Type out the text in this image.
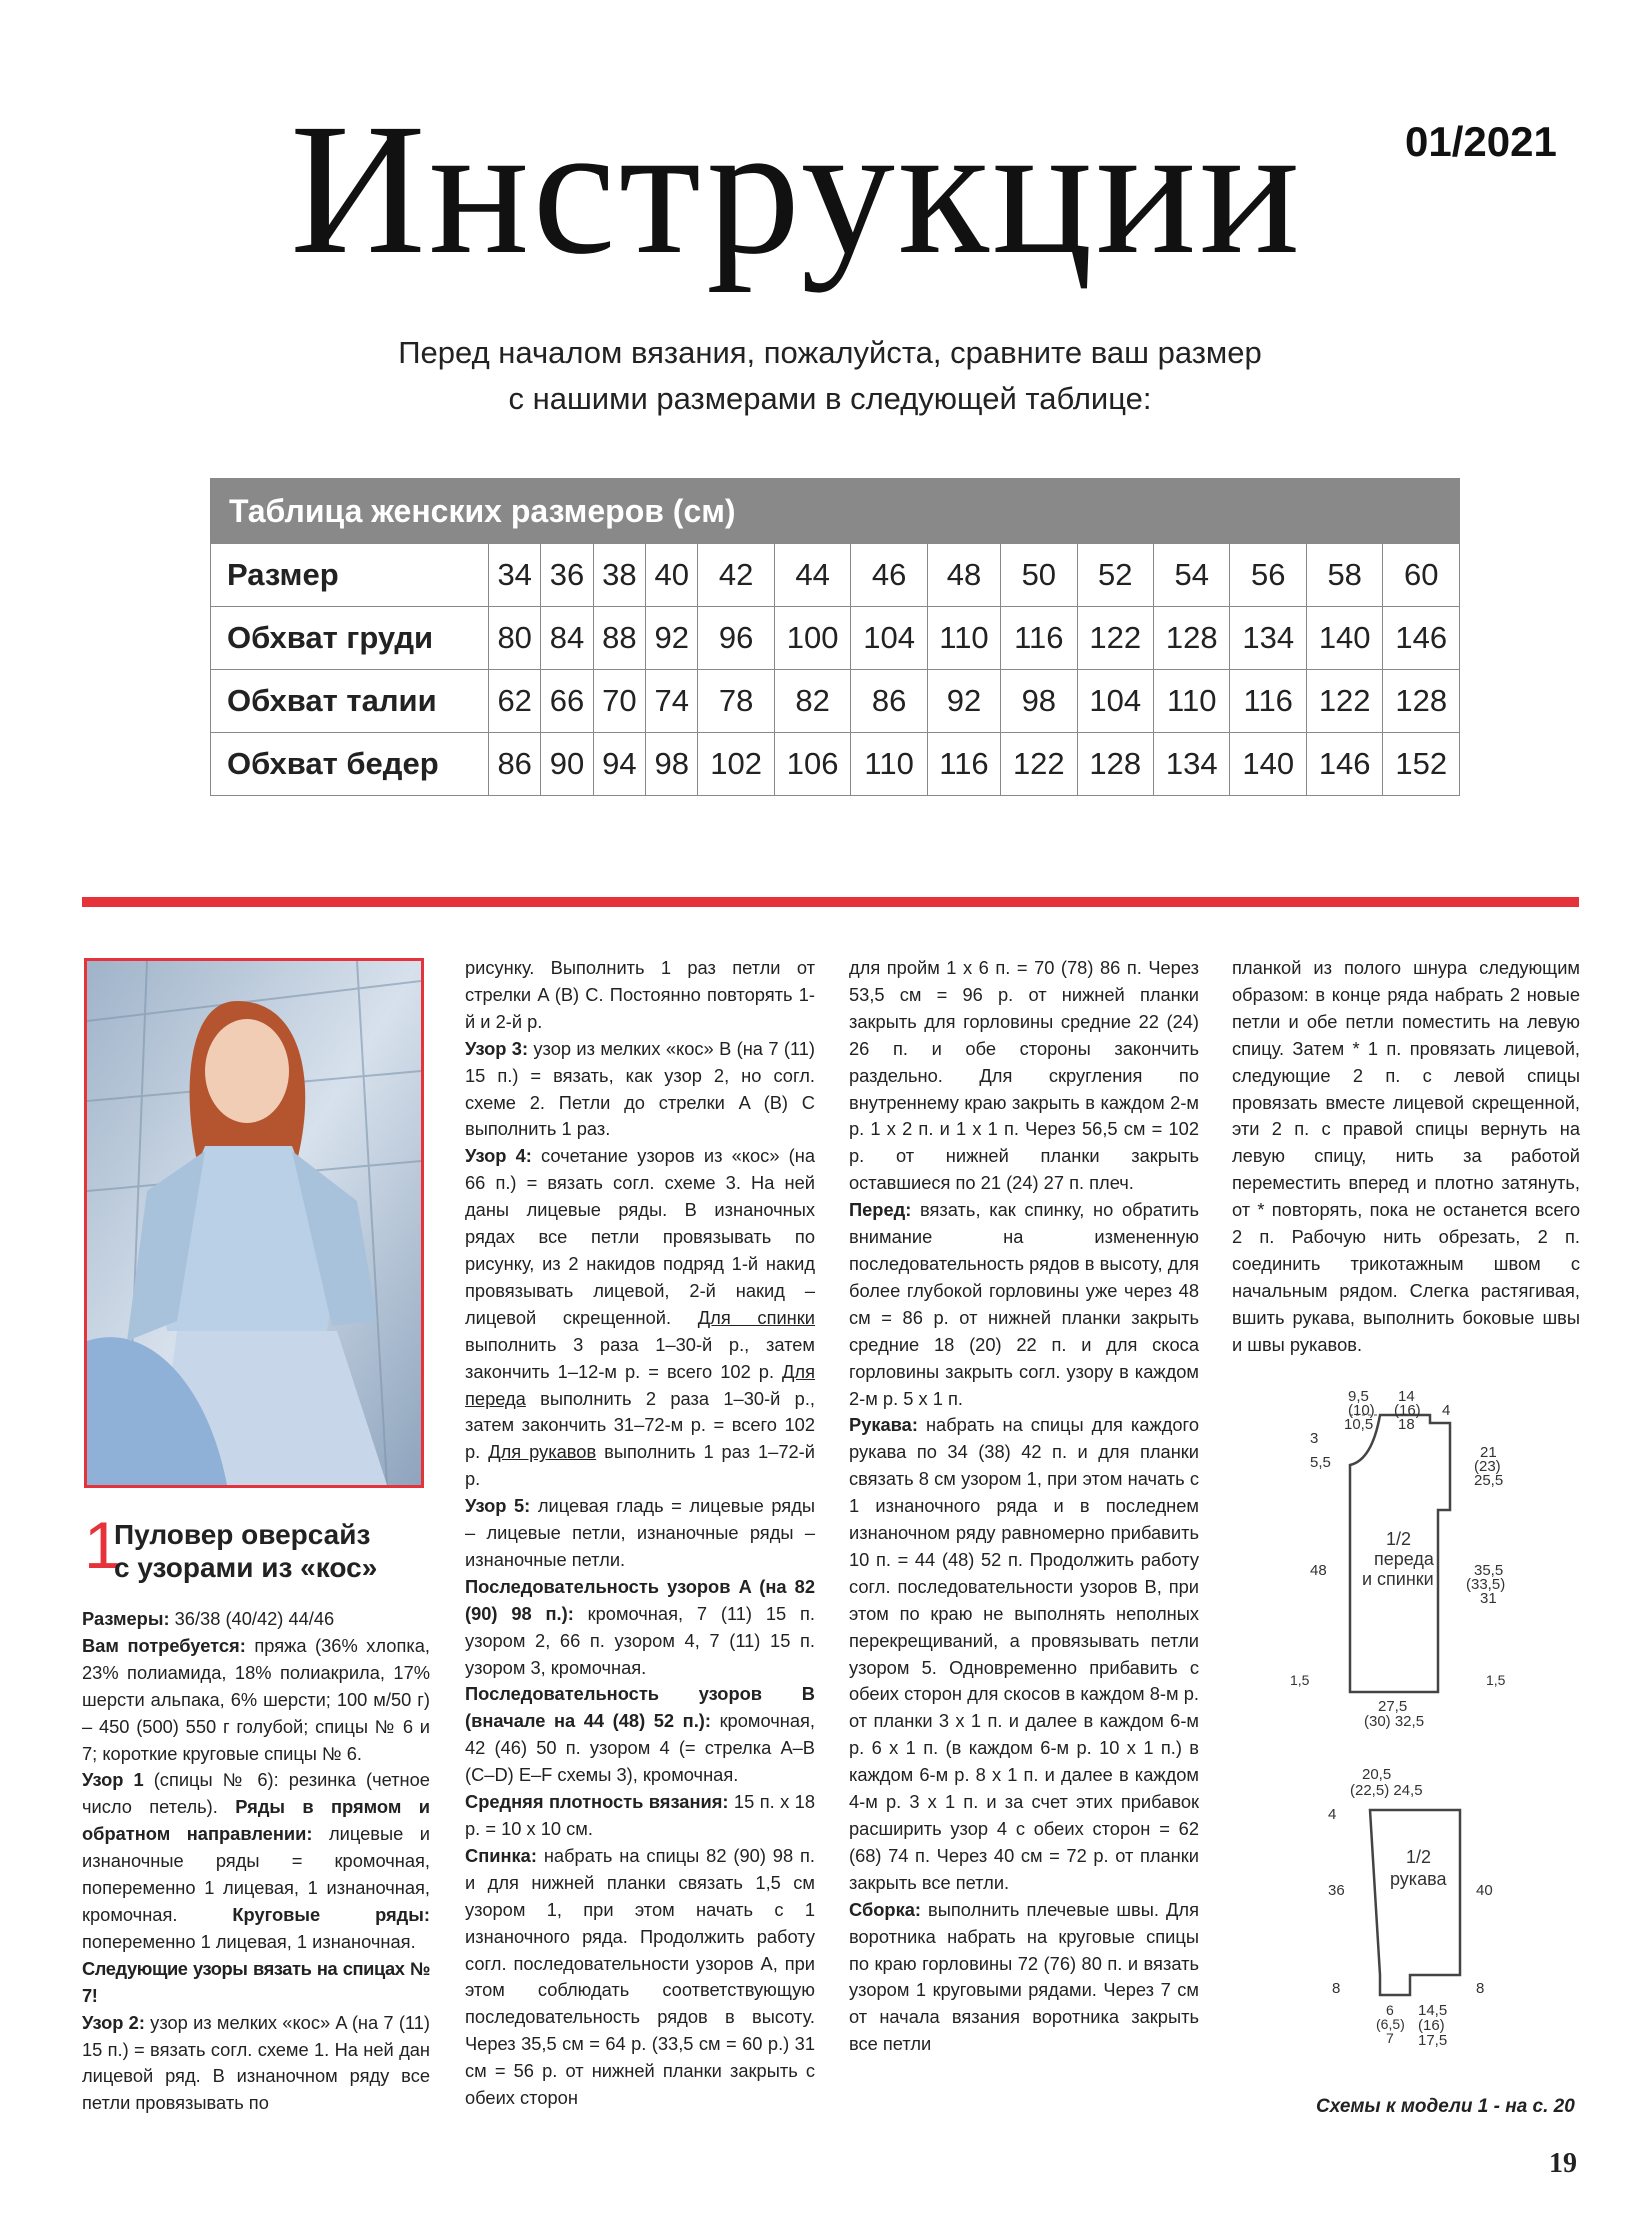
Инструкции 01/2021

Перед началом вязания, пожалуйста, сравните ваш размер

с нашими размерами в следующей таблице:

Таблица женских размеров (см)														
Размер	34	36	38	40	42	44	46	48	50	52	54	56	58	60
Обхват груди	80	84	88	92	96	100	104	110	116	122	128	134	140	146
Обхват талии	62	66	70	74	78	82	86	92	98	104	110	116	122	128
Обхват бедер	86	90	94	98	102	106	110	116	122	128	134	140	146	152
1
Пуловер оверсайз
с узорами из «кос»

Размеры: 36/38 (40/42) 44/46

Вам потребуется: пряжа (36% хлопка, 23% полиамида, 18% полиакрила, 17% шерсти альпака, 6% шерсти; 100 м/50 г) – 450 (500) 550 г голубой; спицы № 6 и 7; короткие круговые спицы № 6.

Узор 1 (спицы № 6): резинка (четное число петель). Ряды в прямом и обратном направлении: лицевые и изнаночные ряды = кромочная, попеременно 1 лицевая, 1 изнаночная, кромочная. Круговые ряды: попеременно 1 лицевая, 1 изнаночная.

Следующие узоры вязать на спицах № 7!

Узор 2: узор из мелких «кос» A (на 7 (11) 15 п.) = вязать согл. схеме 1. На ней дан лицевой ряд. В изнаночном ряду все петли провязывать по

рисунку. Выполнить 1 раз петли от стрелки A (B) C. Постоянно повторять 1-й и 2-й р.

Узор 3: узор из мелких «кос» B (на 7 (11) 15 п.) = вязать, как узор 2, но согл. схеме 2. Петли до стрелки A (B) C выполнить 1 раз.

Узор 4: сочетание узоров из «кос» (на 66 п.) = вязать согл. схеме 3. На ней даны лицевые ряды. В изнаночных рядах все петли провязывать по рисунку, из 2 накидов подряд 1-й накид провязывать лицевой, 2-й накид – лицевой скрещенной. Для спинки выполнить 3 раза 1–30-й р., затем закончить 1–12-м р. = всего 102 р. Для переда выполнить 2 раза 1–30-й р., затем закончить 31–72-м р. = всего 102 р. Для рукавов выполнить 1 раз 1–72-й р.

Узор 5: лицевая гладь = лицевые ряды – лицевые петли, изнаночные ряды – изнаночные петли.

Последовательность узоров A (на 82 (90) 98 п.): кромочная, 7 (11) 15 п. узором 2, 66 п. узором 4, 7 (11) 15 п. узором 3, кромочная.

Последовательность узоров B (вначале на 44 (48) 52 п.): кромочная, 42 (46) 50 п. узором 4 (= стрелка A–B (C–D) E–F схемы 3), кромочная.

Средняя плотность вязания: 15 п. x 18 р. = 10 x 10 см.

Спинка: набрать на спицы 82 (90) 98 п. и для нижней планки связать 1,5 см узором 1, при этом начать с 1 изнаночного ряда. Продолжить работу согл. последовательности узоров A, при этом соблюдать соответствующую последовательность рядов в высоту. Через 35,5 см = 64 р. (33,5 см = 60 р.) 31 см = 56 р. от нижней планки закрыть с обеих сторон

для пройм 1 x 6 п. = 70 (78) 86 п. Через 53,5 см = 96 р. от нижней планки закрыть для горловины средние 22 (24) 26 п. и обе стороны закончить раздельно. Для скругления по внутреннему краю закрыть в каждом 2-м р. 1 x 2 п. и 1 x 1 п. Через 56,5 см = 102 р. от нижней планки закрыть оставшиеся по 21 (24) 27 п. плеч.

Перед: вязать, как спинку, но обратить внимание на измененную последовательность рядов в высоту, для более глубокой горловины уже через 48 см = 86 р. от нижней планки закрыть средние 18 (20) 22 п. и для скоса горловины закрыть согл. узору в каждом 2-м р. 5 x 1 п.

Рукава: набрать на спицы для каждого рукава по 34 (38) 42 п. и для планки связать 8 см узором 1, при этом начать с 1 изнаночного ряда и в последнем изнаночном ряду равномерно прибавить 10 п. = 44 (48) 52 п. Продолжить работу согл. последовательности узоров B, при этом по краю не выполнять неполных перекрещиваний, а провязывать петли узором 5. Одновременно прибавить с обеих сторон для скосов в каждом 8-м р. от планки 3 x 1 п. и далее в каждом 6-м р. 6 x 1 п. (в каждом 6-м р. 10 x 1 п.) в каждом 6-м р. 8 x 1 п. и далее в каждом 4-м р. 3 x 1 п. и за счет этих прибавок расширить узор 4 с обеих сторон = 62 (68) 74 п. Через 40 см = 72 р. от планки закрыть все петли.

Сборка: выполнить плечевые швы. Для воротника набрать на круговые спицы по краю горловины 72 (76) 80 п. и вязать узором 1 круговыми рядами. Через 7 см от начала вязания воротника закрыть все петли

планкой из полого шнура следующим образом: в конце ряда набрать 2 новые петли и обе петли поместить на левую спицу. Затем * 1 п. провязать лицевой, следующие 2 п. с левой спицы провязать вместе лицевой скрещенной, эти 2 п. с правой спицы вернуть на левую спицу, нить за работой переместить вперед и плотно затянуть, от * повторять, пока не останется всего 2 п. Рабочую нить обрезать, 2 п. соединить трикотажным швом с начальным рядом. Слегка растягивая, вшить рукава, выполнить боковые швы и швы рукавов.

9,5
(10)
10,5
14
(16)
18
4
3
5,5
48
21
(23)
25,5
35,5
(33,5)
31
1,5	1,5
27,5
(30) 32,5
1/2
переда
и спинки
20,5
(22,5) 24,5
4
36
8
40
8
6
(6,5)
7
14,5
(16)
17,5
1/2
рукава
Схемы к модели 1 - на с. 20
19
